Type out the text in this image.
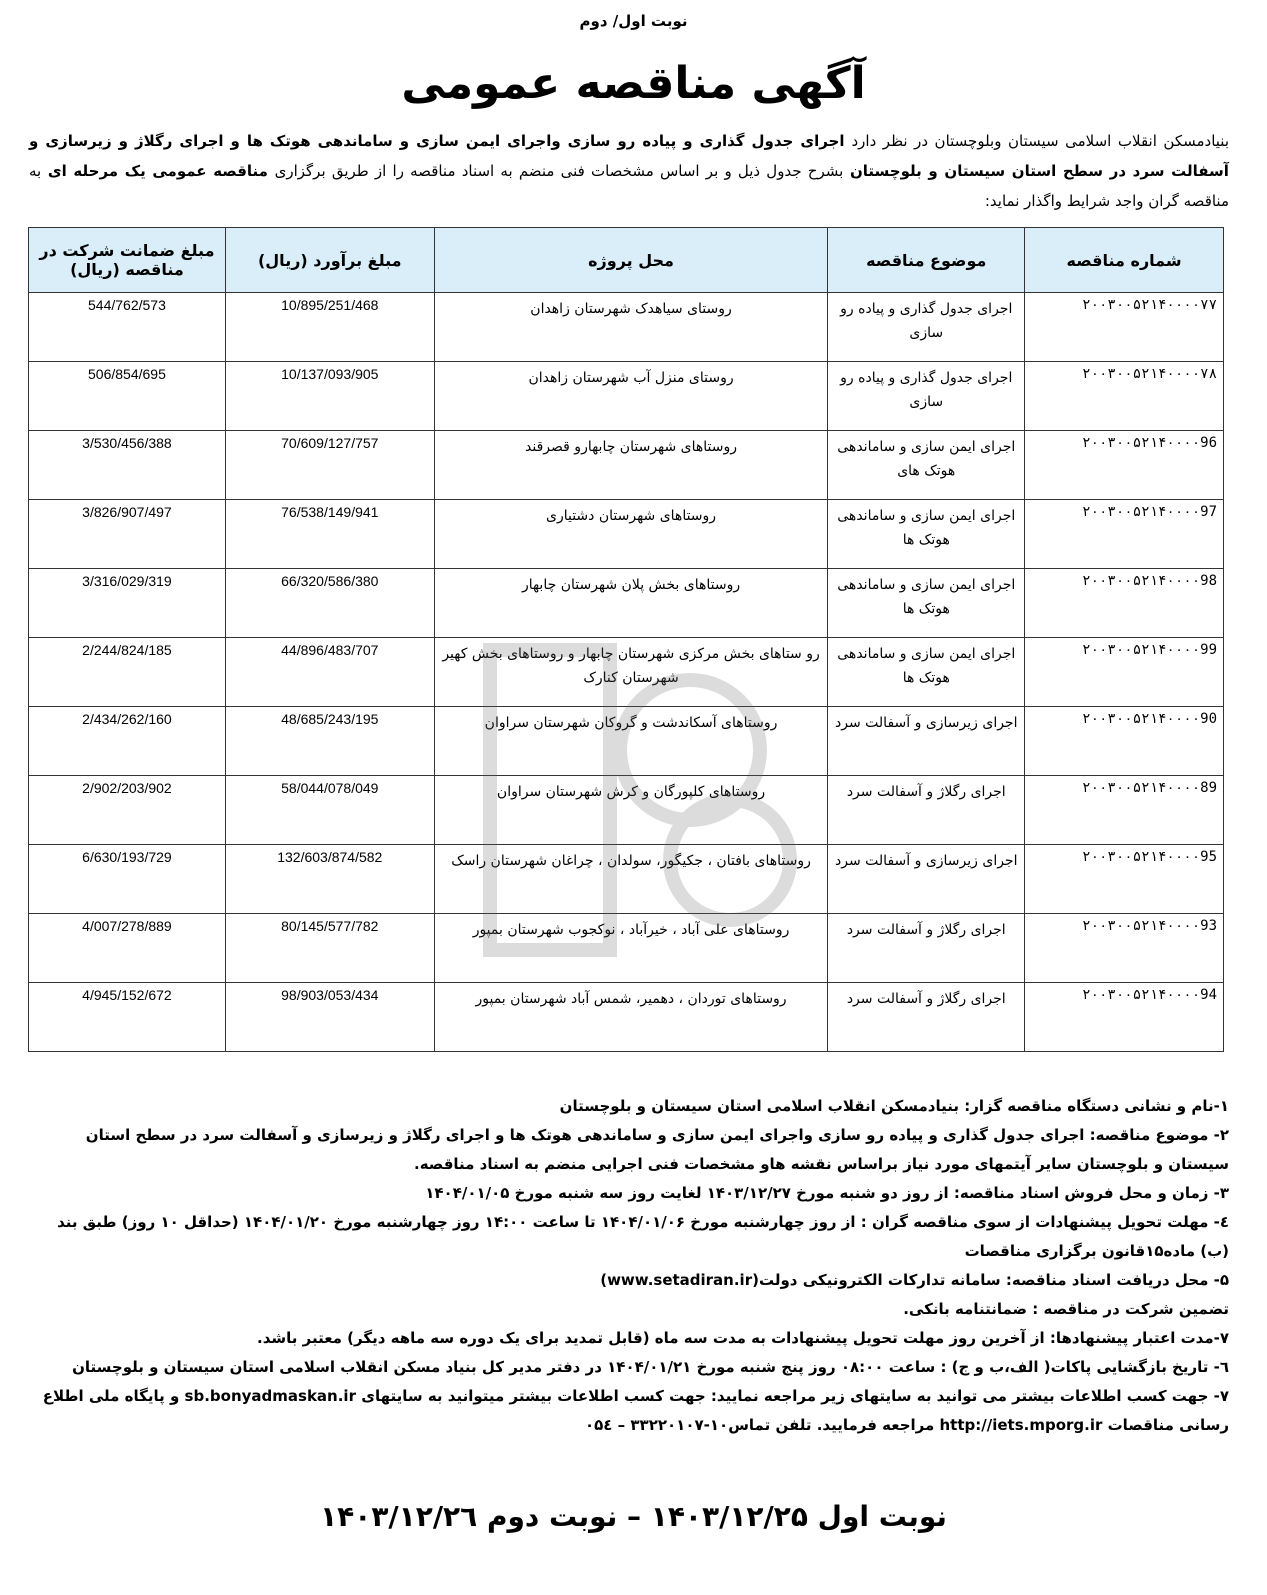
نوبت اول/ دوم
آگهی مناقصه عمومی
بنیادمسکن انقلاب اسلامی سیستان وبلوچستان در نظر دارد اجرای جدول گذاری و پیاده رو سازی واجرای ایمن سازی و ساماندهی هوتک ها و اجرای رگلاژ و زیرسازی و آسفالت سرد در سطح استان سیستان و بلوچستان بشرح جدول ذیل و بر اساس مشخصات فنی منضم به اسناد مناقصه را از طریق برگزاری مناقصه عمومی یک مرحله ای به مناقصه گران واجد شرایط واگذار نماید:
شماره مناقصه	موضوع مناقصه	محل پروژه	مبلغ برآورد (ریال)	مبلغ ضمانت شرکت در مناقصه (ریال)
۲۰۰۳۰۰۵۲۱۴۰۰۰۰۷۷	اجرای جدول گذاری و پیاده رو سازی	روستای سیاهدک شهرستان زاهدان	10/895/251/468	544/762/573
۲۰۰۳۰۰۵۲۱۴۰۰۰۰۷۸	اجرای جدول گذاری و پیاده رو سازی	روستای منزل آب شهرستان زاهدان	10/137/093/905	506/854/695
۲۰۰۳۰۰۵۲۱۴۰۰۰۰96	اجرای ایمن سازی و ساماندهی هوتک های	روستاهای شهرستان چابهارو قصرقند	70/609/127/757	3/530/456/388
۲۰۰۳۰۰۵۲۱۴۰۰۰۰97	اجرای ایمن سازی و ساماندهی هوتک ها	روستاهای شهرستان دشتیاری	76/538/149/941	3/826/907/497
۲۰۰۳۰۰۵۲۱۴۰۰۰۰98	اجرای ایمن سازی و ساماندهی هوتک ها	روستاهای بخش پلان شهرستان چابهار	66/320/586/380	3/316/029/319
۲۰۰۳۰۰۵۲۱۴۰۰۰۰99	اجرای ایمن سازی و ساماندهی هوتک ها	رو ستاهای بخش مرکزی شهرستان چابهار و روستاهای بخش کهیر شهرستان کنارک	44/896/483/707	2/244/824/185
۲۰۰۳۰۰۵۲۱۴۰۰۰۰90	اجرای زیرسازی و آسفالت سرد	روستاهای آسکاندشت و گروکان شهرستان سراوان	48/685/243/195	2/434/262/160
۲۰۰۳۰۰۵۲۱۴۰۰۰۰89	اجرای رگلاژ و آسفالت سرد	روستاهای کلپورگان و کرش شهرستان سراوان	58/044/078/049	2/902/203/902
۲۰۰۳۰۰۵۲۱۴۰۰۰۰95	اجرای زیرسازی و آسفالت سرد	روستاهای بافتان ، جکیگور، سولدان ، چراغان شهرستان راسک	132/603/874/582	6/630/193/729
۲۰۰۳۰۰۵۲۱۴۰۰۰۰93	اجرای رگلاژ و آسفالت سرد	روستاهای علی آباد ، خیرآباد ، نوکجوب شهرستان بمپور	80/145/577/782	4/007/278/889
۲۰۰۳۰۰۵۲۱۴۰۰۰۰94	اجرای رگلاژ و آسفالت سرد	روستاهای توردان ، دهمیر، شمس آباد شهرستان بمپور	98/903/053/434	4/945/152/672

۱-نام و نشانی دستگاه مناقصه گزار: بنیادمسکن انقلاب اسلامی استان سیستان و بلوچستان

۲- موضوع مناقصه: اجرای جدول گذاری و پیاده رو سازی واجرای ایمن سازی و ساماندهی هوتک ها و اجرای رگلاژ و زیرسازی و آسفالت سرد در سطح استان سیستان و بلوچستان سایر آیتمهای مورد نیاز براساس نقشه هاو مشخصات فنی اجرایی منضم به اسناد مناقصه.

۳- زمان و محل فروش اسناد مناقصه: از روز دو شنبه مورخ ۱۴۰۳/۱۲/۲۷ لغایت روز سه شنبه مورخ ۱۴۰۴/۰۱/۰۵

٤- مهلت تحویل پیشنهادات از سوی مناقصه گران : از روز چهارشنبه مورخ ۱۴۰۴/۰۱/۰۶ تا ساعت ۱۴:۰۰ روز چهارشنبه مورخ ۱۴۰۴/۰۱/۲۰ (حداقل ۱۰ روز) طبق بند (ب) ماده۱۵قانون برگزاری مناقصات

۵- محل دریافت اسناد مناقصه: سامانه تدارکات الکترونیکی دولت(www.setadiran.ir)

تضمین شرکت در مناقصه : ضمانتنامه بانکی.

۷-مدت اعتبار پیشنهادها: از آخرین روز مهلت تحویل پیشنهادات به مدت سه ماه (قابل تمدید برای یک دوره سه ماهه دیگر) معتبر باشد.

٦- تاریخ بازگشایی پاکات( الف،ب و ج) : ساعت ۰۸:۰۰ روز پنج شنبه مورخ ۱۴۰۴/۰۱/۲۱ در دفتر مدیر کل بنیاد مسکن انقلاب اسلامی استان سیستان و بلوچستان

۷- جهت کسب اطلاعات بیشتر می توانید به سایتهای زیر مراجعه نمایید: جهت کسب اطلاعات بیشتر میتوانید به سایتهای sb.bonyadmaskan.ir و پایگاه ملی اطلاع رسانی مناقصات http://iets.mporg.ir مراجعه فرمایید. تلفن تماس۱۰-۳۳۲۲۰۱۰۷ – ۰۵٤

نوبت اول ۱۴۰۳/۱۲/۲۵ – نوبت دوم ۱۴۰۳/۱۲/۲٦
